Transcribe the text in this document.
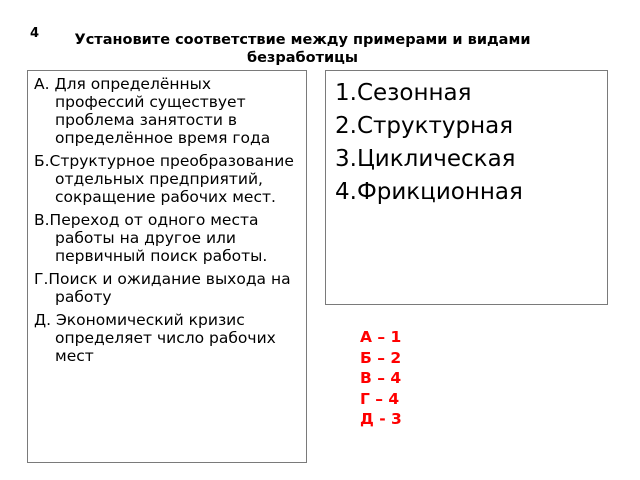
4	Установите соответствие между примерами и видами безработицы

А. Для определённых профессий существует проблема занятости в определённое время года

Б.Структурное преобразование отдельных предприятий, сокращение рабочих мест.

В.Переход от одного места работы на другое или первичный поиск работы.

Г.Поиск и ожидание выхода на работу

Д. Экономический кризис определяет число рабочих мест

1.Сезонная

2.Структурная

3.Циклическая

4.Фрикционная

А – 1
Б – 2
В – 4
Г – 4
Д - 3
